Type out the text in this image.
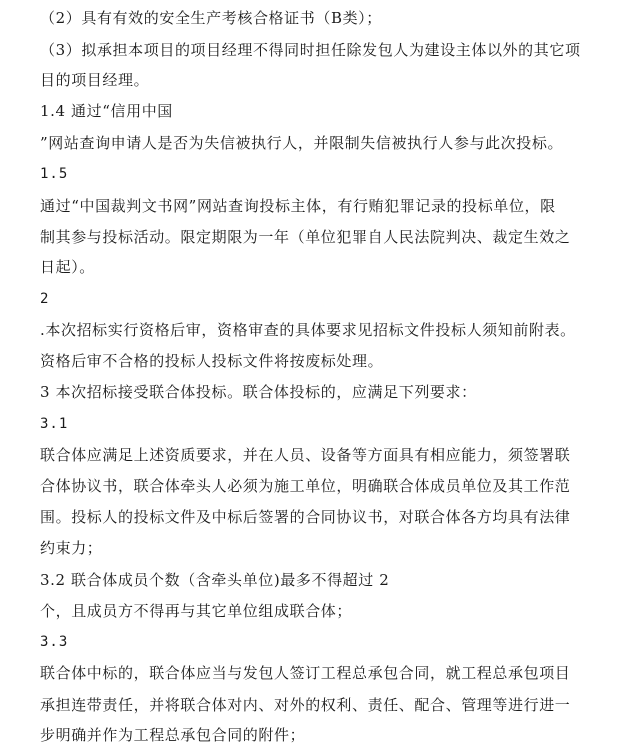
（2）具有有效的安全生产考核合格证书（B类）；
（3）拟承担本项目的项目经理不得同时担任除发包人为建设主体以外的其它项
目的项目经理。
1.4 通过“信用中国
”网站查询申请人是否为失信被执行人，并限制失信被执行人参与此次投标。
1.5
通过“中国裁判文书网”网站查询投标主体，有行贿犯罪记录的投标单位，限
制其参与投标活动。限定期限为一年（单位犯罪自人民法院判决、裁定生效之
日起）。
2
.本次招标实行资格后审，资格审查的具体要求见招标文件投标人须知前附表。
资格后审不合格的投标人投标文件将按废标处理。
3 本次招标接受联合体投标。联合体投标的，应满足下列要求：
3.1
联合体应满足上述资质要求，并在人员、设备等方面具有相应能力，须签署联
合体协议书，联合体牵头人必须为施工单位，明确联合体成员单位及其工作范
围。投标人的投标文件及中标后签署的合同协议书，对联合体各方均具有法律
约束力；
3.2 联合体成员个数（含牵头单位)最多不得超过 2
个，且成员方不得再与其它单位组成联合体；
3.3
联合体中标的，联合体应当与发包人签订工程总承包合同，就工程总承包项目
承担连带责任，并将联合体对内、对外的权利、责任、配合、管理等进行进一
步明确并作为工程总承包合同的附件；
